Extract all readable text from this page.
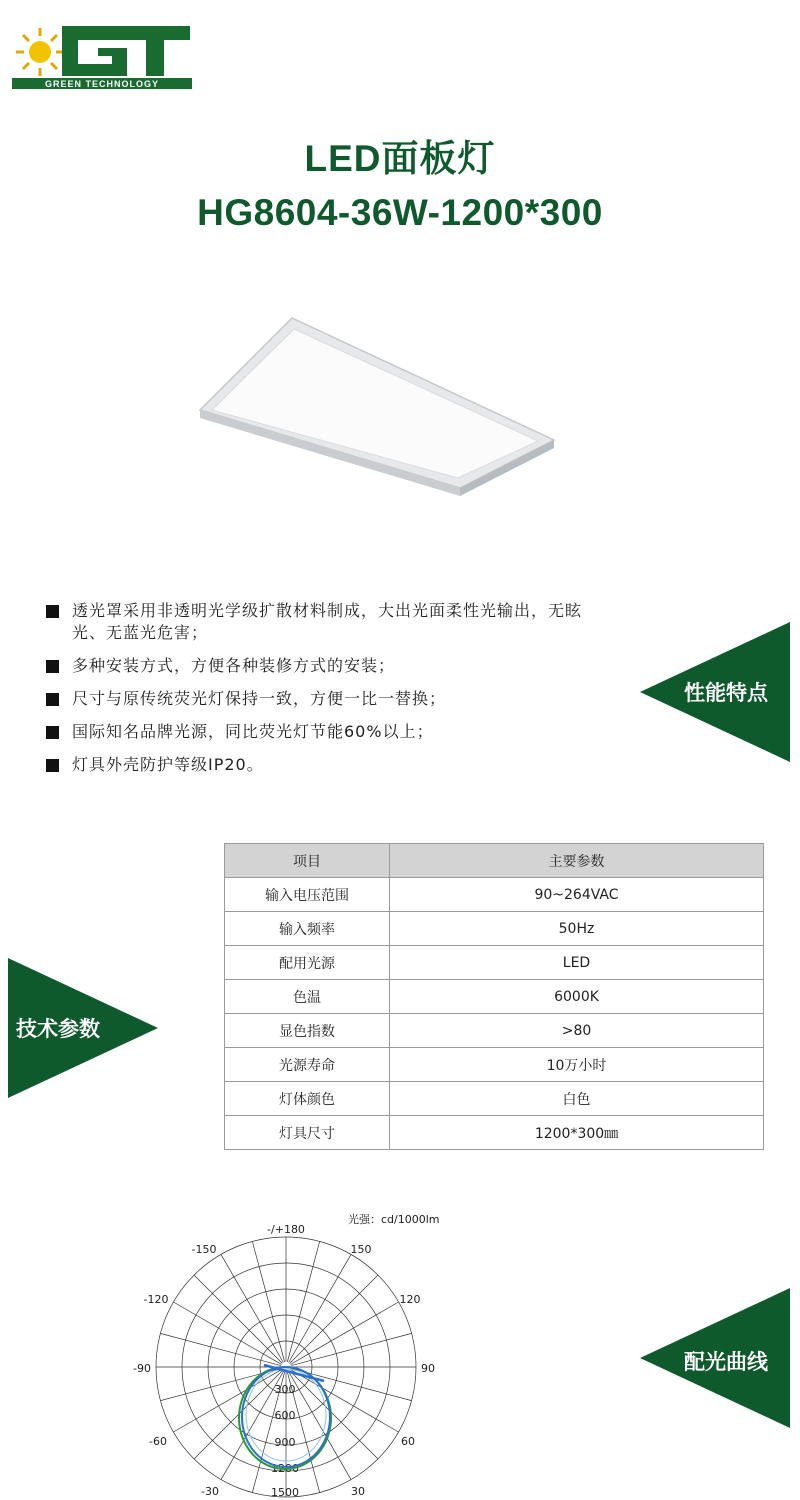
GREEN TECHNOLOGY
LED面板灯
HG8604-36W-1200*300
透光罩采用非透明光学级扩散材料制成，大出光面柔性光输出，无眩光、无蓝光危害；
多种安装方式，方便各种装修方式的安装；
尺寸与原传统荧光灯保持一致，方便一比一替换；
国际知名品牌光源，同比荧光灯节能60%以上；
灯具外壳防护等级IP20。
性能特点
技术参数
项目	主要参数
输入电压范围	90~264VAC
输入频率	50Hz
配用光源	LED
色温	6000K
显色指数	>80
光源寿命	10万小时
灯体颜色	白色
灯具尺寸	1200*300㎜
光强：cd/1000lm
-/+180
-150	150
-120	120
-90	90
-60	60
-30	30
300
600
900
1200
1500
配光曲线
